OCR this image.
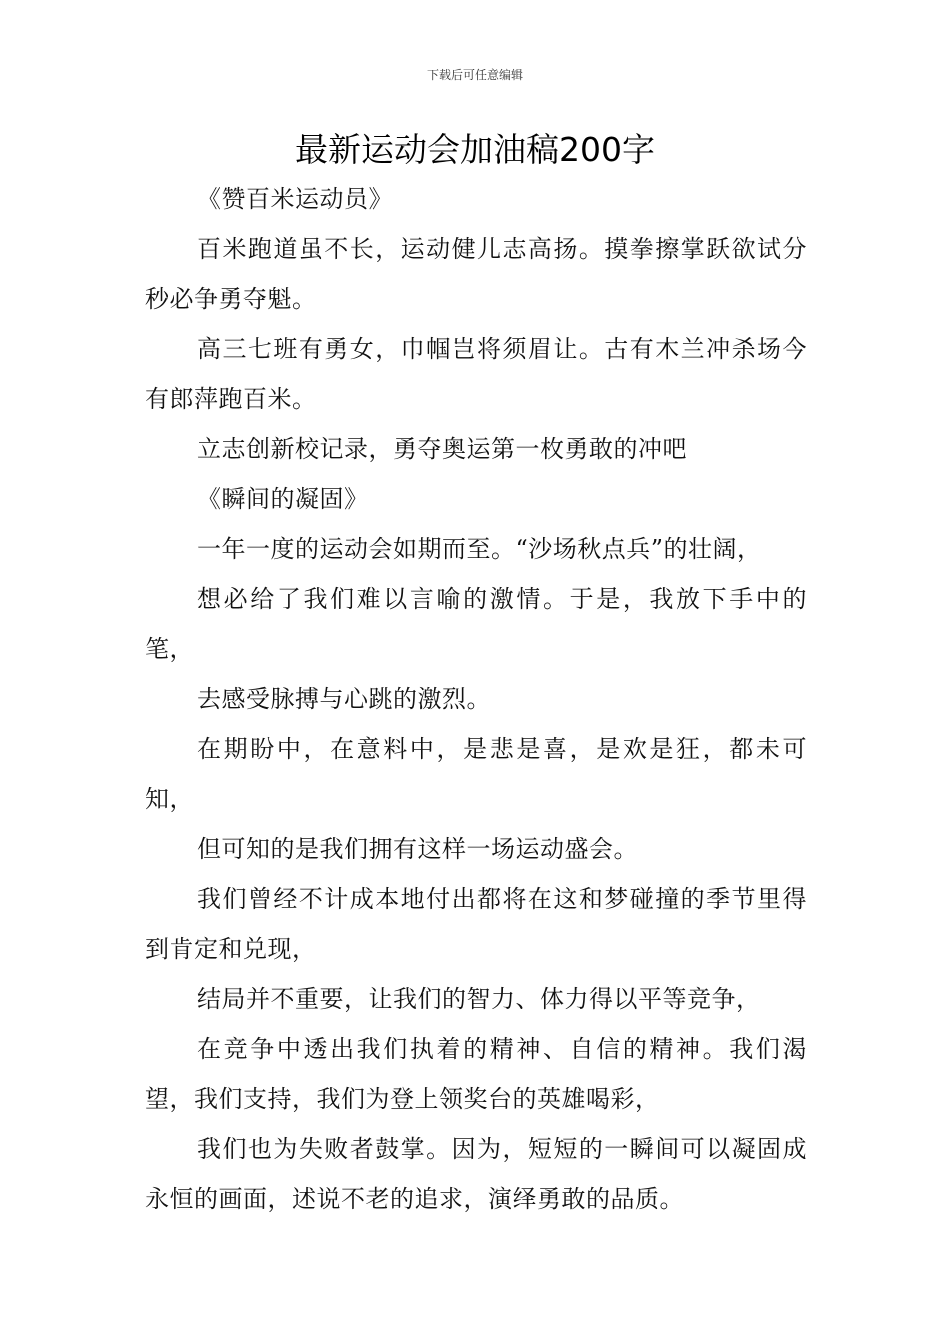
下载后可任意编辑
最新运动会加油稿200字

《赞百米运动员》

百米跑道虽不长，运动健儿志高扬。摸拳擦掌跃欲试分秒必争勇夺魁。

高三七班有勇女，巾帼岂将须眉让。古有木兰冲杀场今有郎萍跑百米。

立志创新校记录，勇夺奥运第一枚勇敢的冲吧

《瞬间的凝固》

一年一度的运动会如期而至。“沙场秋点兵”的壮阔，

想必给了我们难以言喻的激情。于是，我放下手中的笔，

去感受脉搏与心跳的激烈。

在期盼中，在意料中，是悲是喜，是欢是狂，都未可知，

但可知的是我们拥有这样一场运动盛会。

我们曾经不计成本地付出都将在这和梦碰撞的季节里得到肯定和兑现，

结局并不重要，让我们的智力、体力得以平等竞争，

在竞争中透出我们执着的精神、自信的精神。我们渴望，我们支持，我们为登上领奖台的英雄喝彩，

我们也为失败者鼓掌。因为，短短的一瞬间可以凝固成永恒的画面，述说不老的追求，演绎勇敢的品质。
